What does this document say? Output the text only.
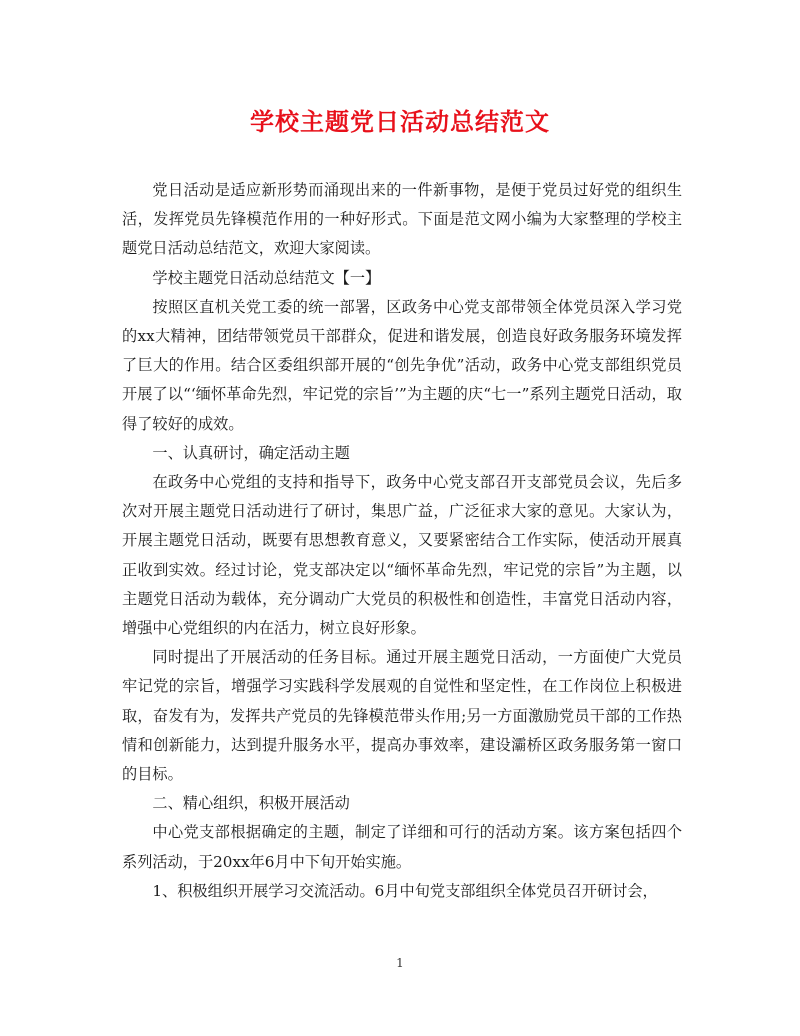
学校主题党日活动总结范文

党日活动是适应新形势而涌现出来的一件新事物，是便于党员过好党的组织生活，发挥党员先锋模范作用的一种好形式。下面是范文网小编为大家整理的学校主题党日活动总结范文，欢迎大家阅读。

学校主题党日活动总结范文【一】

按照区直机关党工委的统一部署，区政务中心党支部带领全体党员深入学习党的xx大精神，团结带领党员干部群众，促进和谐发展，创造良好政务服务环境发挥了巨大的作用。结合区委组织部开展的“创先争优”活动，政务中心党支部组织党员开展了以“‘缅怀革命先烈，牢记党的宗旨’”为主题的庆“七一”系列主题党日活动，取得了较好的成效。

一、认真研讨，确定活动主题

在政务中心党组的支持和指导下，政务中心党支部召开支部党员会议，先后多次对开展主题党日活动进行了研讨，集思广益，广泛征求大家的意见。大家认为，开展主题党日活动，既要有思想教育意义，又要紧密结合工作实际，使活动开展真正收到实效。经过讨论，党支部决定以“缅怀革命先烈，牢记党的宗旨”为主题，以主题党日活动为载体，充分调动广大党员的积极性和创造性，丰富党日活动内容，增强中心党组织的内在活力，树立良好形象。

同时提出了开展活动的任务目标。通过开展主题党日活动，一方面使广大党员牢记党的宗旨，增强学习实践科学发展观的自觉性和坚定性，在工作岗位上积极进取，奋发有为，发挥共产党员的先锋模范带头作用;另一方面激励党员干部的工作热情和创新能力，达到提升服务水平，提高办事效率，建设灞桥区政务服务第一窗口的目标。

二、精心组织，积极开展活动

中心党支部根据确定的主题，制定了详细和可行的活动方案。该方案包括四个系列活动，于20xx年6月中下旬开始实施。

1、积极组织开展学习交流活动。6月中旬党支部组织全体党员召开研讨会，

1
